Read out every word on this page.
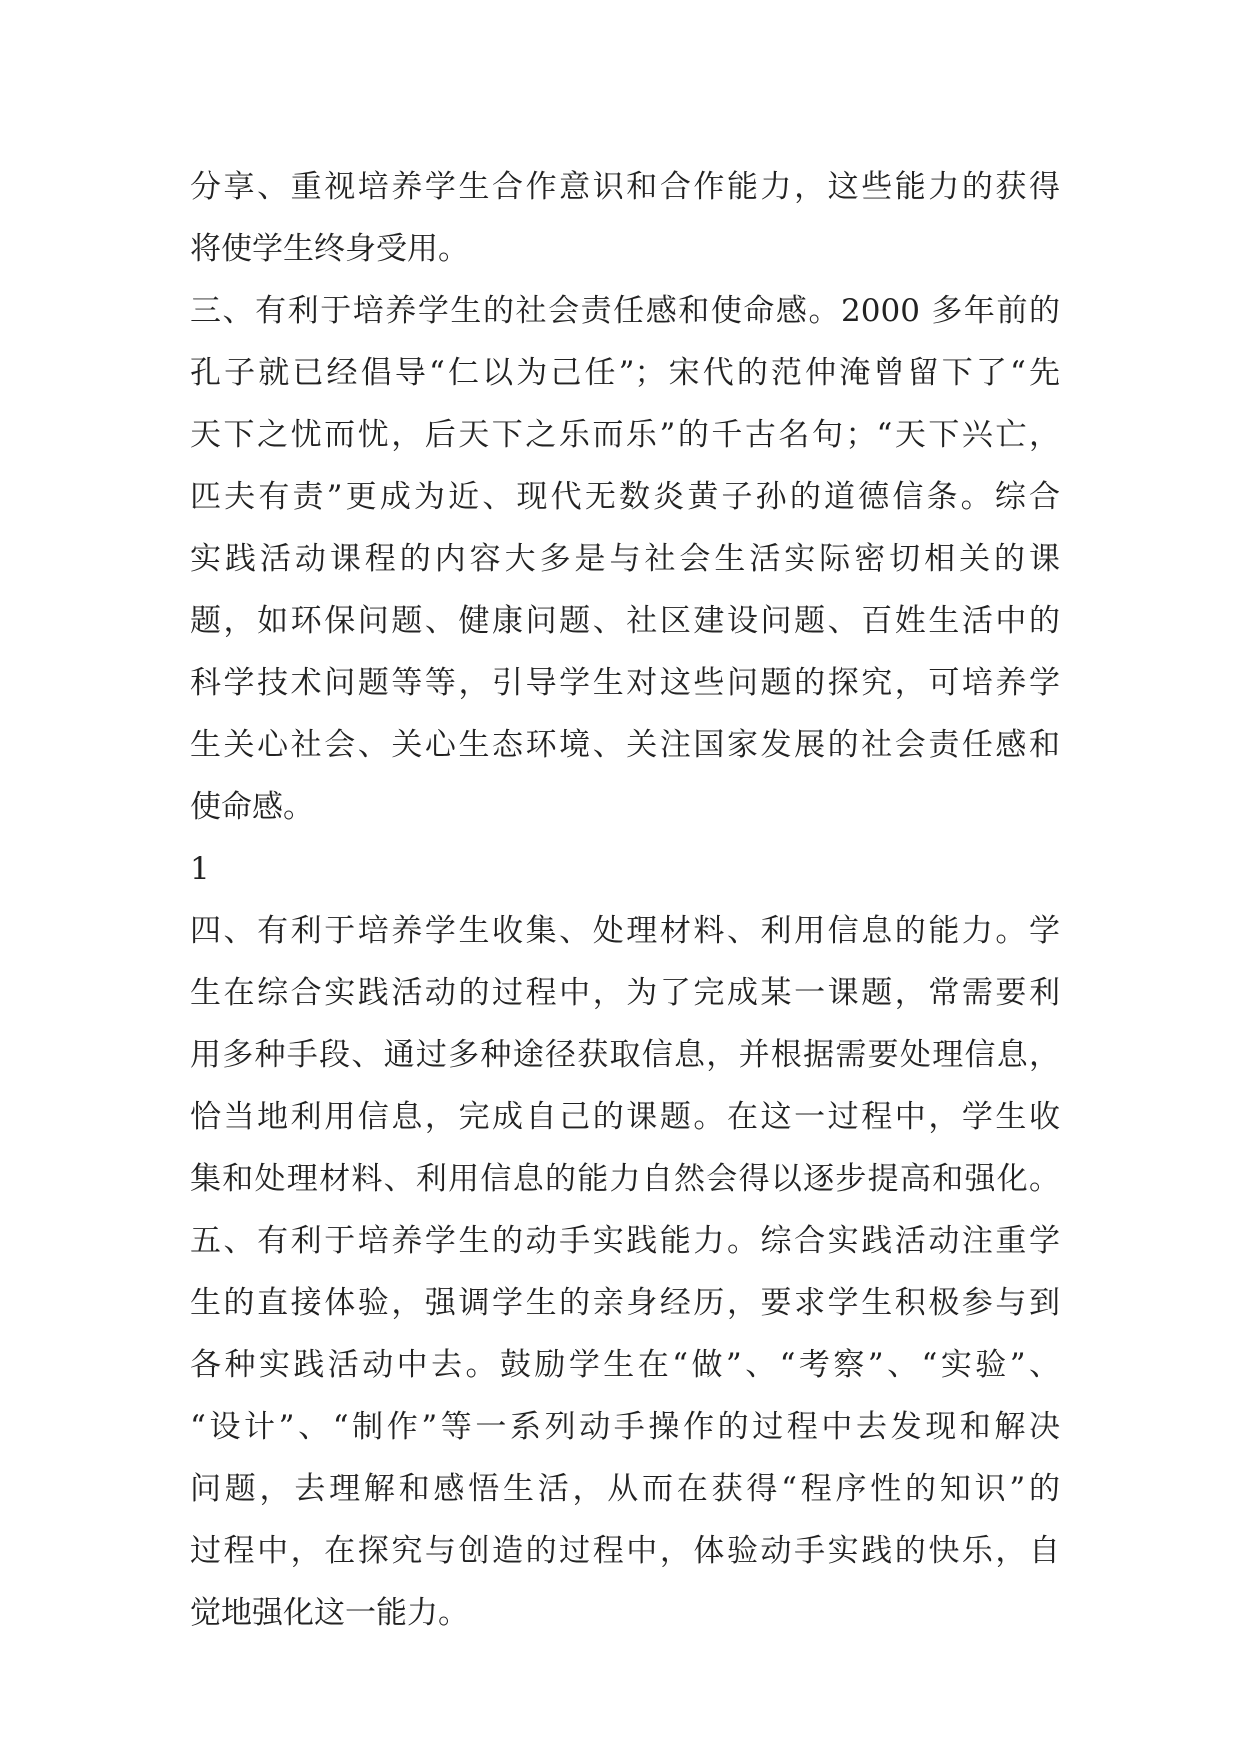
分享、重视培养学生合作意识和合作能力，这些能力的获得
将使学生终身受用。
三、有利于培养学生的社会责任感和使命感。2000 多年前的
孔子就已经倡导“仁以为己任”；宋代的范仲淹曾留下了“先
天下之忧而忧，后天下之乐而乐”的千古名句；“天下兴亡，
匹夫有责”更成为近、现代无数炎黄子孙的道德信条。综合
实践活动课程的内容大多是与社会生活实际密切相关的课
题，如环保问题、健康问题、社区建设问题、百姓生活中的
科学技术问题等等，引导学生对这些问题的探究，可培养学
生关心社会、关心生态环境、关注国家发展的社会责任感和
使命感。
1
四、有利于培养学生收集、处理材料、利用信息的能力。学
生在综合实践活动的过程中，为了完成某一课题，常需要利
用多种手段、通过多种途径获取信息，并根据需要处理信息，
恰当地利用信息，完成自己的课题。在这一过程中，学生收
集和处理材料、利用信息的能力自然会得以逐步提高和强化。
五、有利于培养学生的动手实践能力。综合实践活动注重学
生的直接体验，强调学生的亲身经历，要求学生积极参与到
各种实践活动中去。鼓励学生在“做”、“考察”、“实验”、
“设计”、“制作”等一系列动手操作的过程中去发现和解决
问题，去理解和感悟生活，从而在获得“程序性的知识”的
过程中，在探究与创造的过程中，体验动手实践的快乐，自
觉地强化这一能力。
